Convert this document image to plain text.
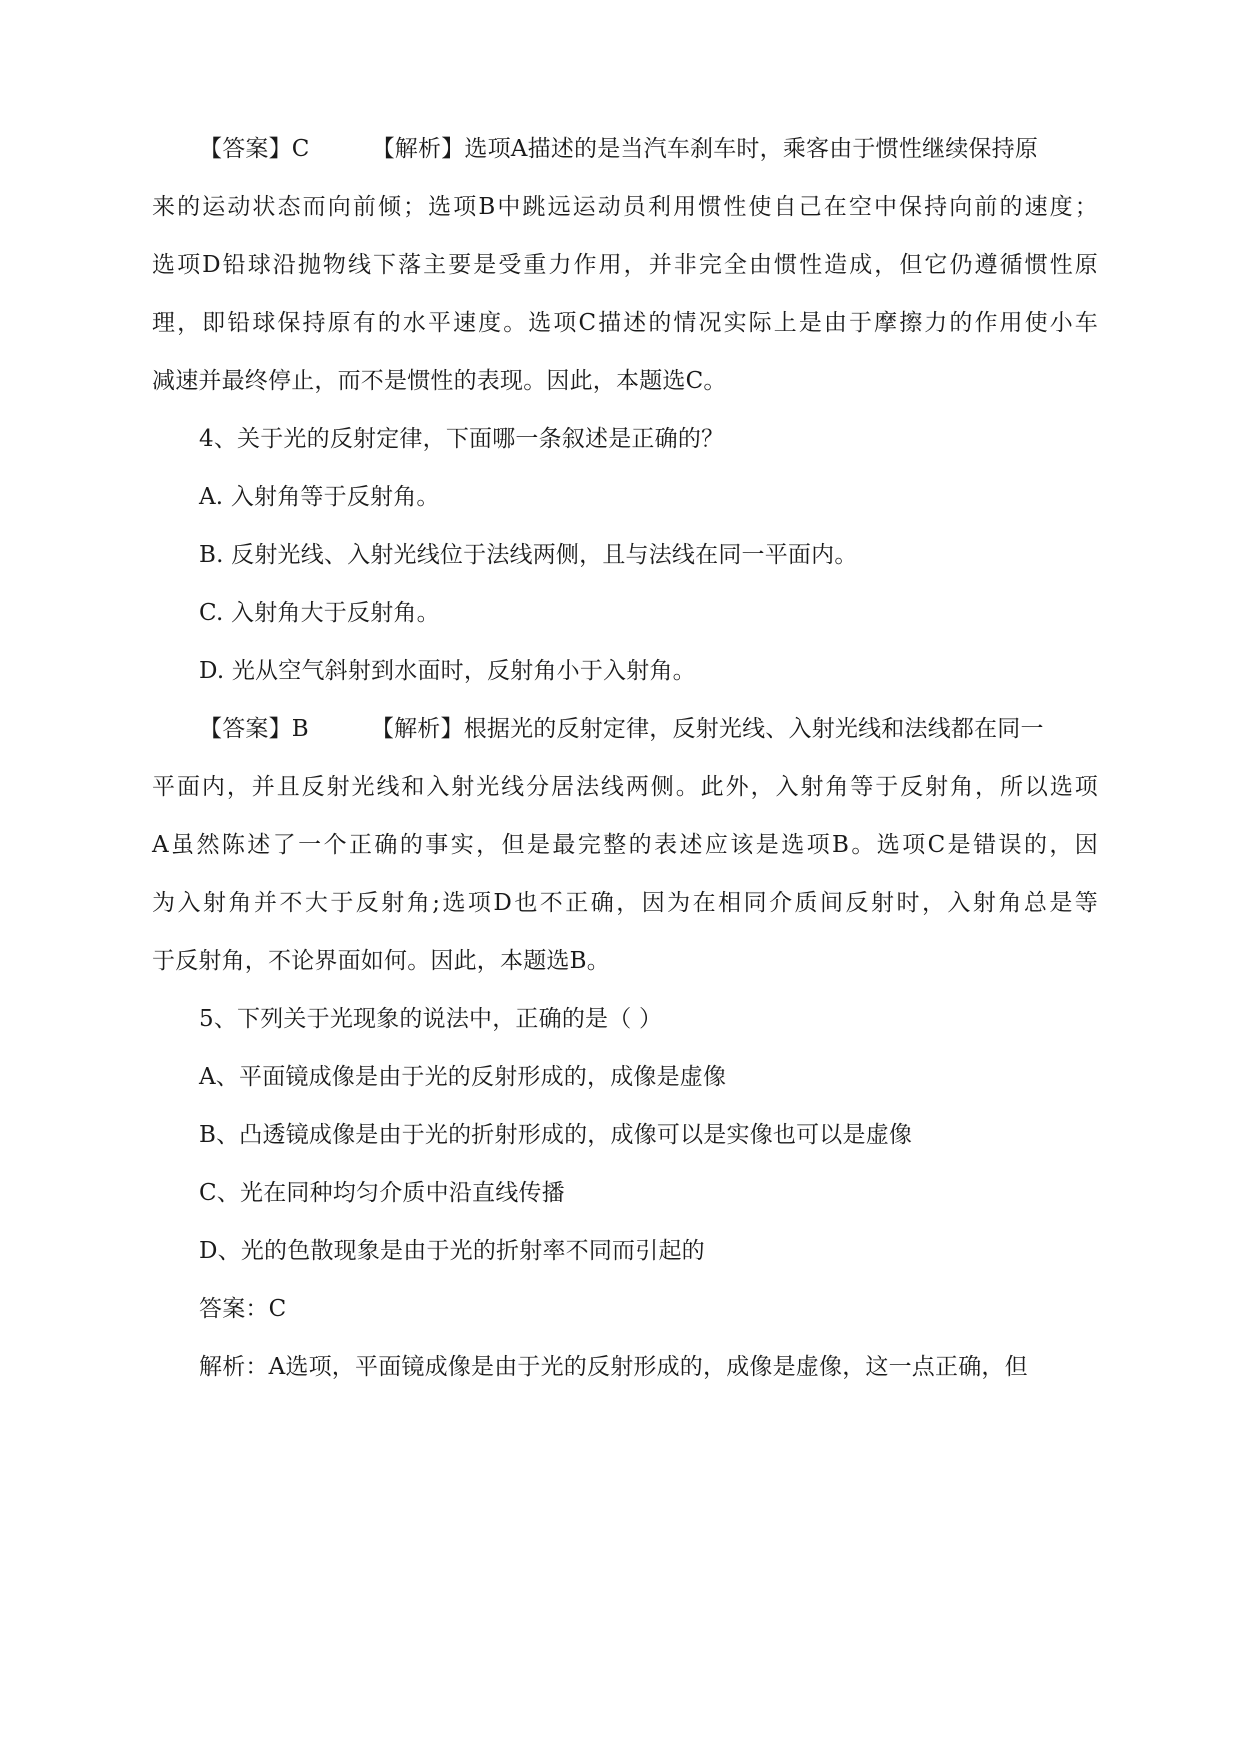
【答案】C	【解析】选项A描述的是当汽车刹车时，乘客由于惯性继续保持原
来的运动状态而向前倾；选项B中跳远运动员利用惯性使自己在空中保持向前的速度；
选项D铅球沿抛物线下落主要是受重力作用，并非完全由惯性造成，但它仍遵循惯性原
理，即铅球保持原有的水平速度。选项C描述的情况实际上是由于摩擦力的作用使小车
减速并最终停止，而不是惯性的表现。因此，本题选C。
4、关于光的反射定律，下面哪一条叙述是正确的？
A. 入射角等于反射角。
B. 反射光线、入射光线位于法线两侧，且与法线在同一平面内。
C. 入射角大于反射角。
D. 光从空气斜射到水面时，反射角小于入射角。
【答案】B	【解析】根据光的反射定律，反射光线、入射光线和法线都在同一
平面内，并且反射光线和入射光线分居法线两侧。此外，入射角等于反射角，所以选项
A虽然陈述了一个正确的事实，但是最完整的表述应该是选项B。选项C是错误的，因
为入射角并不大于反射角;选项D也不正确，因为在相同介质间反射时，入射角总是等
于反射角，不论界面如何。因此，本题选B。
5、下列关于光现象的说法中，正确的是（ ）
A、平面镜成像是由于光的反射形成的，成像是虚像
B、凸透镜成像是由于光的折射形成的，成像可以是实像也可以是虚像
C、光在同种均匀介质中沿直线传播
D、光的色散现象是由于光的折射率不同而引起的
答案：C
解析：A选项，平面镜成像是由于光的反射形成的，成像是虚像，这一点正确，但
